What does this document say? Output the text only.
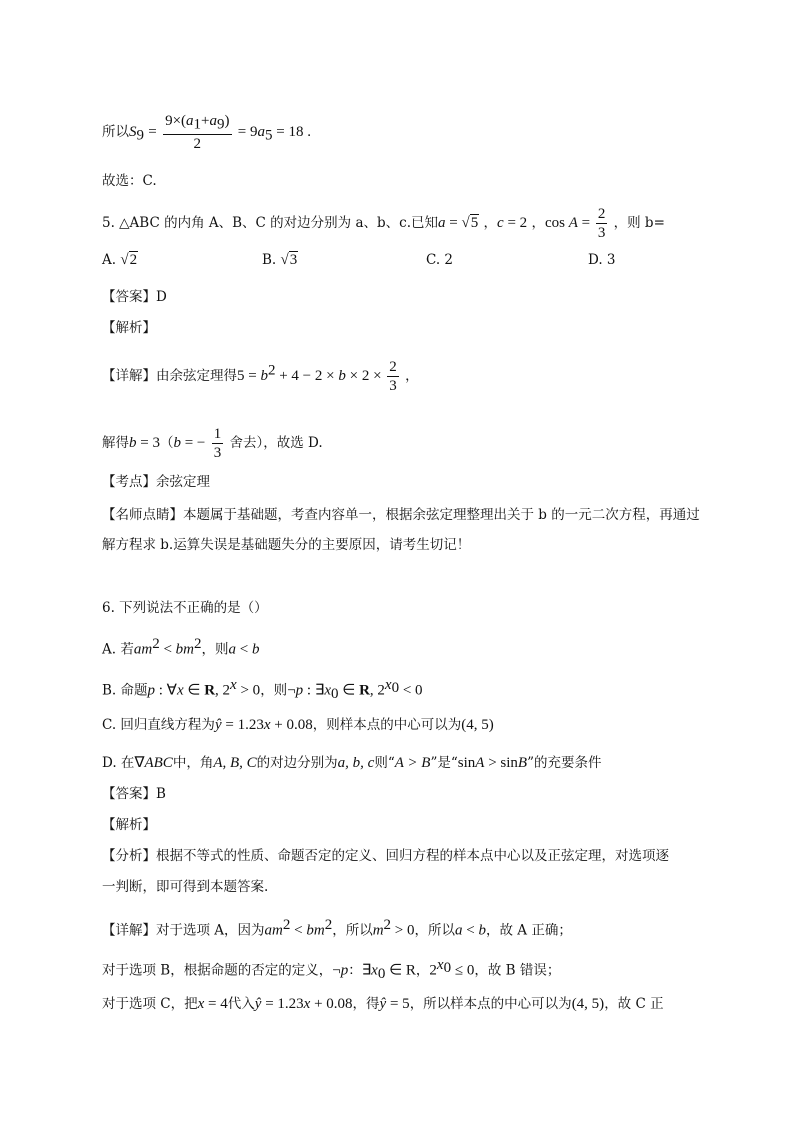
所以$S_9 = \frac{9\times(a_1+a_9)}{2} = 9a_5 = 18$ .
故选：C.
5. △ABC 的内角 A、B、C 的对边分别为 a、b、c.已知a = √5 ，c = 2 ，$\cos A = \frac{2}{3}$ ，则 b=
A. √2	B. √3	C. 2	D. 3
【答案】D
【解析】
【详解】由余弦定理得$5 = b^2 + 4 - 2 \times b \times 2 \times \frac{2}{3}$ ，
解得b = 3（b = − $\frac{1}{3}$ 舍去），故选 D.
【考点】余弦定理
【名师点睛】本题属于基础题，考查内容单一，根据余弦定理整理出关于 b 的一元二次方程，再通过
解方程求 b.运算失误是基础题失分的主要原因，请考生切记！
6. 下列说法不正确的是（）
A. 若$am^2 < bm^2$，则a < b
B. 命题p : ∀x ∈ R, $2^x > 0$，则¬p : $\exists x_0$ ∈ R, $2^{x_0} < 0$
C. 回归直线方程为ŷ = 1.23x + 0.08，则样本点的中心可以为(4, 5)
D. 在∇ABC中，角A, B, C的对边分别为a, b, c则“A > B”是“sinA > sinB”的充要条件
【答案】B
【解析】
【分析】根据不等式的性质、命题否定的定义、回归方程的样本点中心以及正弦定理，对选项逐
一判断，即可得到本题答案.
【详解】对于选项 A，因为$am^2 < bm^2$，所以$m^2 > 0$，所以a < b，故 A 正确；
对于选项 B，根据命题的否定的定义，¬p：$\exists x_0$ ∈ R，$2^{x_0} \le 0$，故 B 错误；
对于选项 C，把x = 4代入ŷ = 1.23x + 0.08，得ŷ = 5，所以样本点的中心可以为(4, 5)，故 C 正
